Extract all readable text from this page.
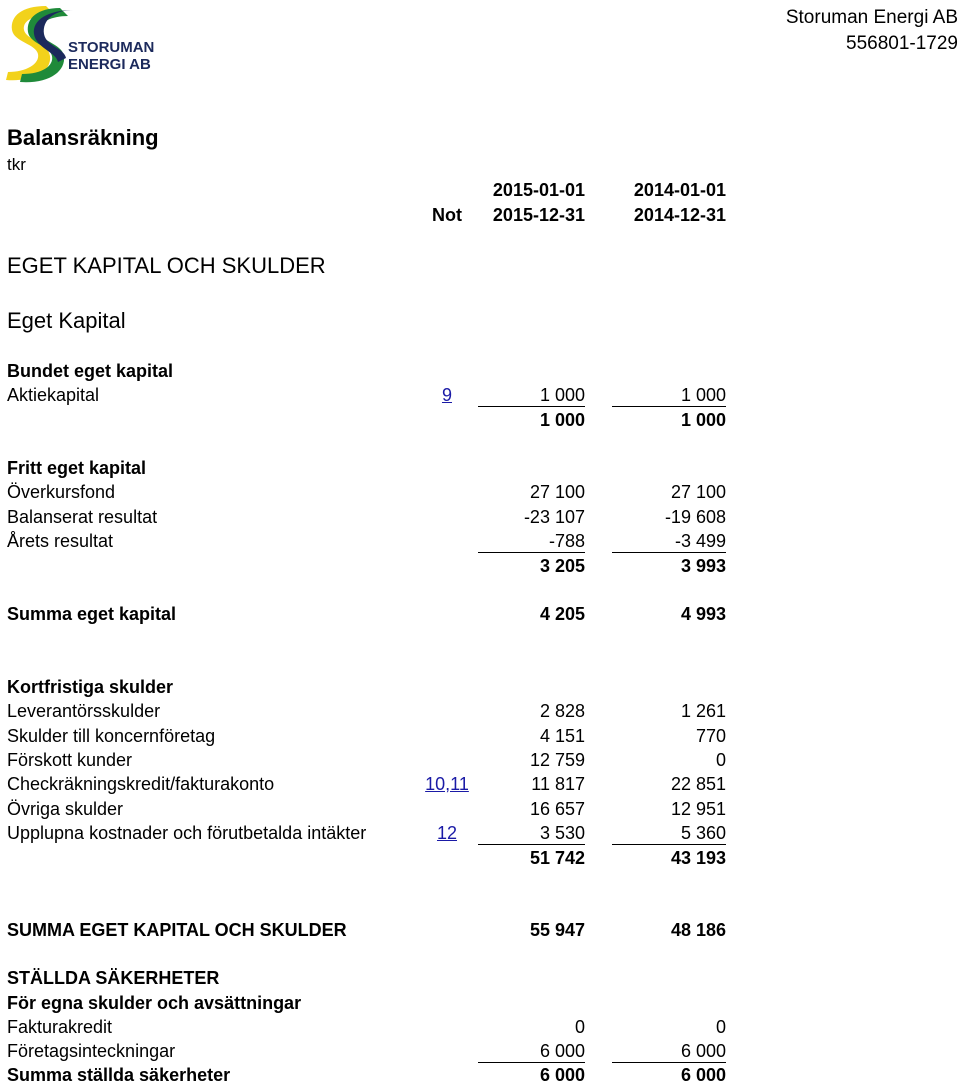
STORUMAN
ENERGI AB
Storuman Energi AB
556801-1729
Balansräkning
tkr
2015-01-01	2014-01-01
Not	2015-12-31	2014-12-31
EGET KAPITAL OCH SKULDER
Eget Kapital
Bundet eget kapital
Aktiekapital	9	1 000	1 000
1 000	1 000
Fritt eget kapital
Överkursfond	27 100	27 100
Balanserat resultat	-23 107	-19 608
Årets resultat	-788	-3 499
3 205	3 993
Summa eget kapital	4 205	4 993
Kortfristiga skulder
Leverantörsskulder	2 828	1 261
Skulder till koncernföretag	4 151	770
Förskott kunder	12 759	0
Checkräkningskredit/fakturakonto	10,11	11 817	22 851
Övriga skulder	16 657	12 951
Upplupna kostnader och förutbetalda intäkter	12	3 530	5 360
51 742	43 193
SUMMA EGET KAPITAL OCH SKULDER	55 947	48 186
STÄLLDA SÄKERHETER
För egna skulder och avsättningar
Fakturakredit	0	0
Företagsinteckningar	6 000	6 000
Summa ställda säkerheter	6 000	6 000
